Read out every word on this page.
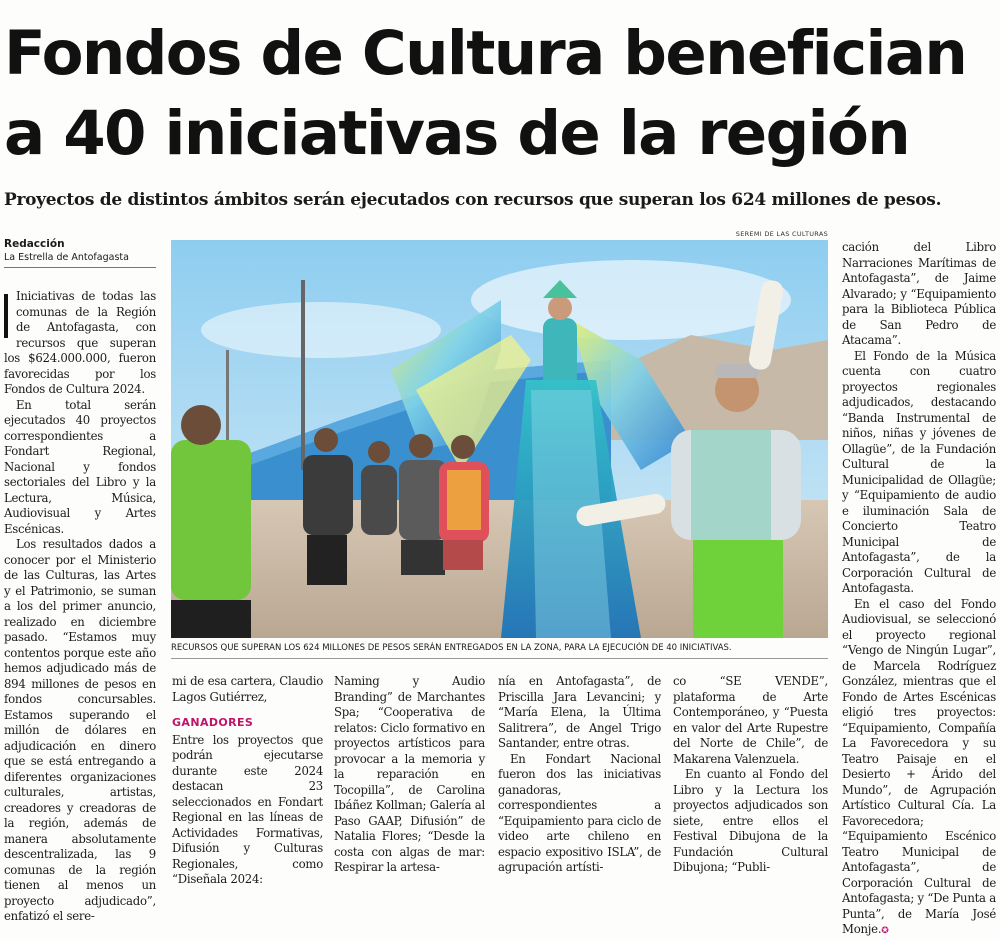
Fondos de Cultura benefician
a 40 iniciativas de la región

Proyectos de distintos ámbitos serán ejecutados con recursos que superan los 624 millones de pesos.

Redacción
La Estrella de Antofagasta
SEREMI DE LAS CULTURAS
RECURSOS QUE SUPERAN LOS 624 MILLONES DE PESOS SERÁN ENTREGADOS EN LA ZONA, PARA LA EJECUCIÓN DE 40 INICIATIVAS.

Iniciativas de todas las comunas de la Región de Antofagasta, con recursos que superan los $624.000.000, fueron favorecidas por los Fondos de Cultura 2024.

En total serán ejecutados 40 proyectos correspondientes a Fondart Regional, Nacional y fondos sectoriales del Libro y la Lectura, Música, Audiovisual y Artes Escénicas.

Los resultados dados a conocer por el Ministerio de las Culturas, las Artes y el Patrimonio, se suman a los del primer anuncio, realizado en diciembre pasado. “Estamos muy contentos porque este año hemos adjudicado más de 894 millones de pesos en fondos concursables. Estamos superando el millón de dólares en adjudicación en dinero que se está entregando a diferentes organizaciones culturales, artistas, creadores y creadoras de la región, además de manera absolutamente descentralizada, las 9 comunas de la región tienen al menos un proyecto adjudicado”, enfatizó el sere-

mi de esa cartera, Claudio Lagos Gutiérrez,

GANADORES

Entre los proyectos que podrán ejecutarse durante este 2024 destacan 23 seleccionados en Fondart Regional en las líneas de Actividades Formativas, Difusión y Culturas Regionales, como “Diseñala 2024:

Naming y Audio Branding” de Marchantes Spa; “Cooperativa de relatos: Ciclo formativo en proyectos artísticos para provocar a la memoria y la reparación en Tocopilla”, de Carolina Ibáñez Kollman; Galería al Paso GAAP, Difusión” de Natalia Flores; “Desde la costa con algas de mar: Respirar la artesa-

nía en Antofagasta”, de Priscilla Jara Levancini; y “María Elena, la Última Salitrera”, de Angel Trigo Santander, entre otras.

En Fondart Nacional fueron dos las iniciativas ganadoras, correspondientes a “Equipamiento para ciclo de video arte chileno en espacio expositivo ISLA”, de agrupación artísti-

co “SE VENDE”, plataforma de Arte Contemporáneo, y “Puesta en valor del Arte Rupestre del Norte de Chile”, de Makarena Valenzuela.

En cuanto al Fondo del Libro y la Lectura los proyectos adjudicados son siete, entre ellos el Festival Dibujona de la Fundación Cultural Dibujona; “Publi-

cación del Libro Narraciones Marítimas de Antofagasta”, de Jaime Alvarado; y “Equipamiento para la Biblioteca Pública de San Pedro de Atacama”.

El Fondo de la Música cuenta con cuatro proyectos regionales adjudicados, destacando “Banda Instrumental de niños, niñas y jóvenes de Ollagüe”, de la Fundación Cultural de la Municipalidad de Ollagüe; y “Equipamiento de audio e iluminación Sala de Concierto Teatro Municipal de Antofagasta”, de la Corporación Cultural de Antofagasta.

En el caso del Fondo Audiovisual, se seleccionó el proyecto regional “Vengo de Ningún Lugar”, de Marcela Rodríguez González, mientras que el Fondo de Artes Escénicas eligió tres proyectos: “Equipamiento, Compañía La Favorecedora y su Teatro Paisaje en el Desierto + Árido del Mundo”, de Agrupación Artístico Cultural Cía. La Favorecedora; “Equipamiento Escénico Teatro Municipal de Antofagasta”, de Corporación Cultural de Antofagasta; y “De Punta a Punta”, de María José Monje.✪
